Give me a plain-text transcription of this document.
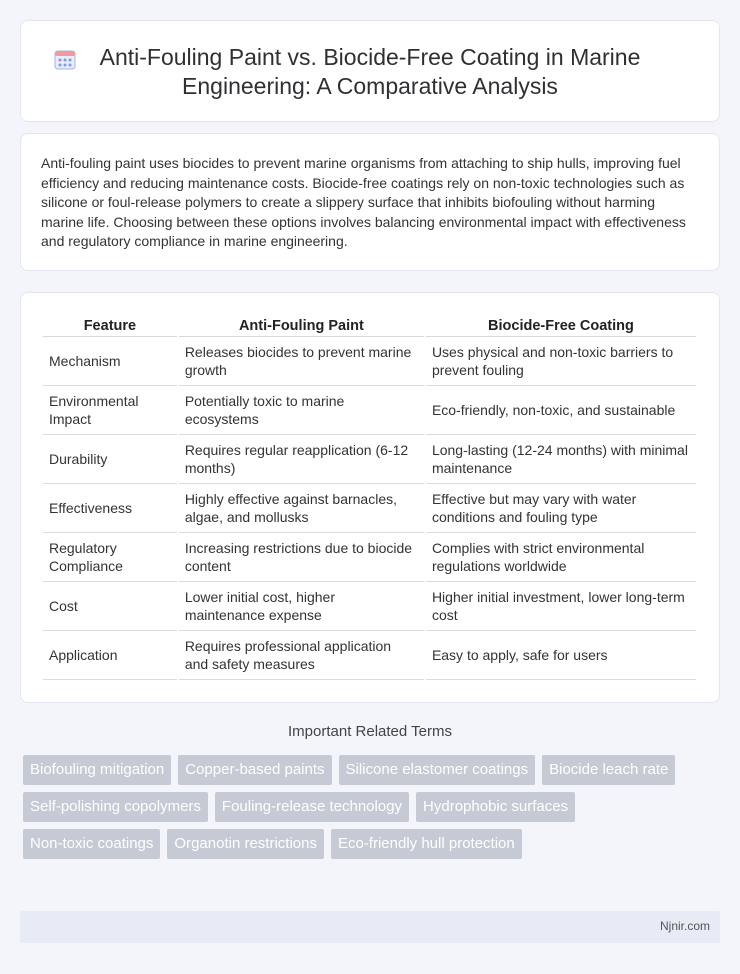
Anti-Fouling Paint vs. Biocide-Free Coating in Marine Engineering: A Comparative Analysis

Anti-fouling paint uses biocides to prevent marine organisms from attaching to ship hulls, improving fuel efficiency and reducing maintenance costs. Biocide-free coatings rely on non-toxic technologies such as silicone or foul-release polymers to create a slippery surface that inhibits biofouling without harming marine life. Choosing between these options involves balancing environmental impact with effectiveness and regulatory compliance in marine engineering.

Feature	Anti-Fouling Paint	Biocide-Free Coating
Mechanism	Releases biocides to prevent marine growth	Uses physical and non-toxic barriers to prevent fouling
Environmental Impact	Potentially toxic to marine ecosystems	Eco-friendly, non-toxic, and sustainable
Durability	Requires regular reapplication (6-12 months)	Long-lasting (12-24 months) with minimal maintenance
Effectiveness	Highly effective against barnacles, algae, and mollusks	Effective but may vary with water conditions and fouling type
Regulatory Compliance	Increasing restrictions due to biocide content	Complies with strict environmental regulations worldwide
Cost	Lower initial cost, higher maintenance expense	Higher initial investment, lower long-term cost
Application	Requires professional application and safety measures	Easy to apply, safe for users
Important Related Terms
Biofouling mitigation	Copper-based paints	Silicone elastomer coatings	Biocide leach rate
Self-polishing copolymers	Fouling-release technology	Hydrophobic surfaces
Non-toxic coatings	Organotin restrictions	Eco-friendly hull protection
Njnir.com
